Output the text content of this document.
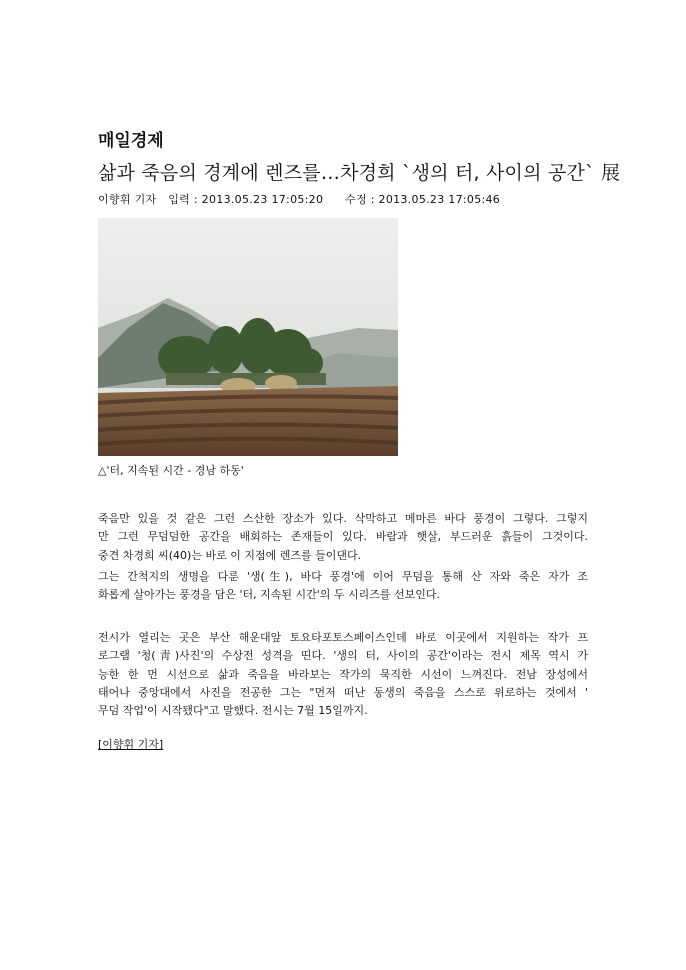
매일경제
삶과 죽음의 경계에 렌즈를…차경희 `생의 터, 사이의 공간` 展
이향휘 기자 입력 : 2013.05.23 17:05:20 수정 : 2013.05.23 17:05:46
△'터, 지속된 시간 - 경남 하동'
죽음만 있을 것 같은 그런 스산한 장소가 있다. 삭막하고 메마른 바다 풍경이 그렇다. 그렇지
만 그런 무덤덤한 공간을 배회하는 존재들이 있다. 바람과 햇살, 부드러운 흙들이 그것이다.
중견 차경희 씨(40)는 바로 이 지점에 렌즈를 들이댄다.
그는 간척지의 생명을 다룬 '생(生), 바다 풍경'에 이어 무덤을 통해 산 자와 죽은 자가 조
화롭게 살아가는 풍경을 담은 '터, 지속된 시간'의 두 시리즈를 선보인다.
전시가 열리는 곳은 부산 해운대앞 토요타포토스페이스인데 바로 이곳에서 지원하는 작가 프
로그램 '청(靑)사진'의 수상전 성격을 띤다. '생의 터, 사이의 공간'이라는 전시 제목 역시 가
능한 한 먼 시선으로 삶과 죽음을 바라보는 작가의 묵직한 시선이 느껴진다. 전남 장성에서
태어나 중앙대에서 사진을 전공한 그는 "먼저 떠난 동생의 죽음을 스스로 위로하는 것에서 '
무덤 작업'이 시작됐다"고 말했다. 전시는 7월 15일까지.
[이향휘 기자]
